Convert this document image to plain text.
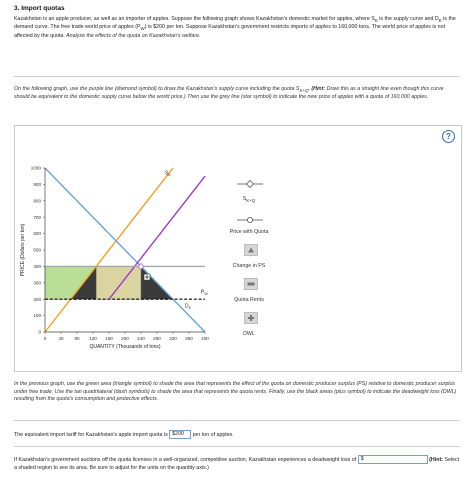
3. Import quotas

Kazakhstan is an apple producer, as well as an importer of apples. Suppose the following graph shows Kazakhstan's domestic market for apples, where $S_K$ is the supply curve and $D_K$ is the demand curve. The free trade world price of apples $(P_W)$ is $200 per ton. Suppose Kazakhstan's government restricts imports of apples to 160,000 tons. The world price of apples is not affected by the quota. Analyze the effects of the quota on Kazakhstan's welfare.

On the following graph, use the purple line (diamond symbol) to draw the Kazakhstan's supply curve including the quota $S_{K+Q}$. (Hint: Draw this as a straight line even though this curve should be equivalent to the domestic supply curve below the world price.) Then use the grey line (star symbol) to indicate the new price of apples with a quota of 160,000 apples.

?
$S_K$
$D_K$
$P_W$
0
100
200
300
400
500
600
700
800
900
1000
0	40 80 120 160 200 240 280 320 360 400
QUANTITY (Thousands of tons)
PRICE (Dollars per ton)
$S_{K+Q}$
Price with Quota
Change in PS
Quota Rents
DWL

In the previous graph, use the green area (triangle symbol) to shade the area that represents the effect of the quota on domestic producer surplus (PS) relative to domestic producer surplus under free trade. Use the tan quadrilateral (dash symbols) to shade the area that represents the quota rents. Finally, use the black areas (plus symbol) to indicate the deadweight loss (DWL) resulting from the quota's consumption and protective effects.

The equivalent import tariff for Kazakhstan's apple import quota is $200 per ton of apples.

If Kazakhstan's government auctions off the quota licenses in a well-organized, competitive auction, Kazakhstan experiences a deadweight loss of $	(Hint: Select a shaded region to see its area. Be sure to adjust for the units on the quantity axis.)
